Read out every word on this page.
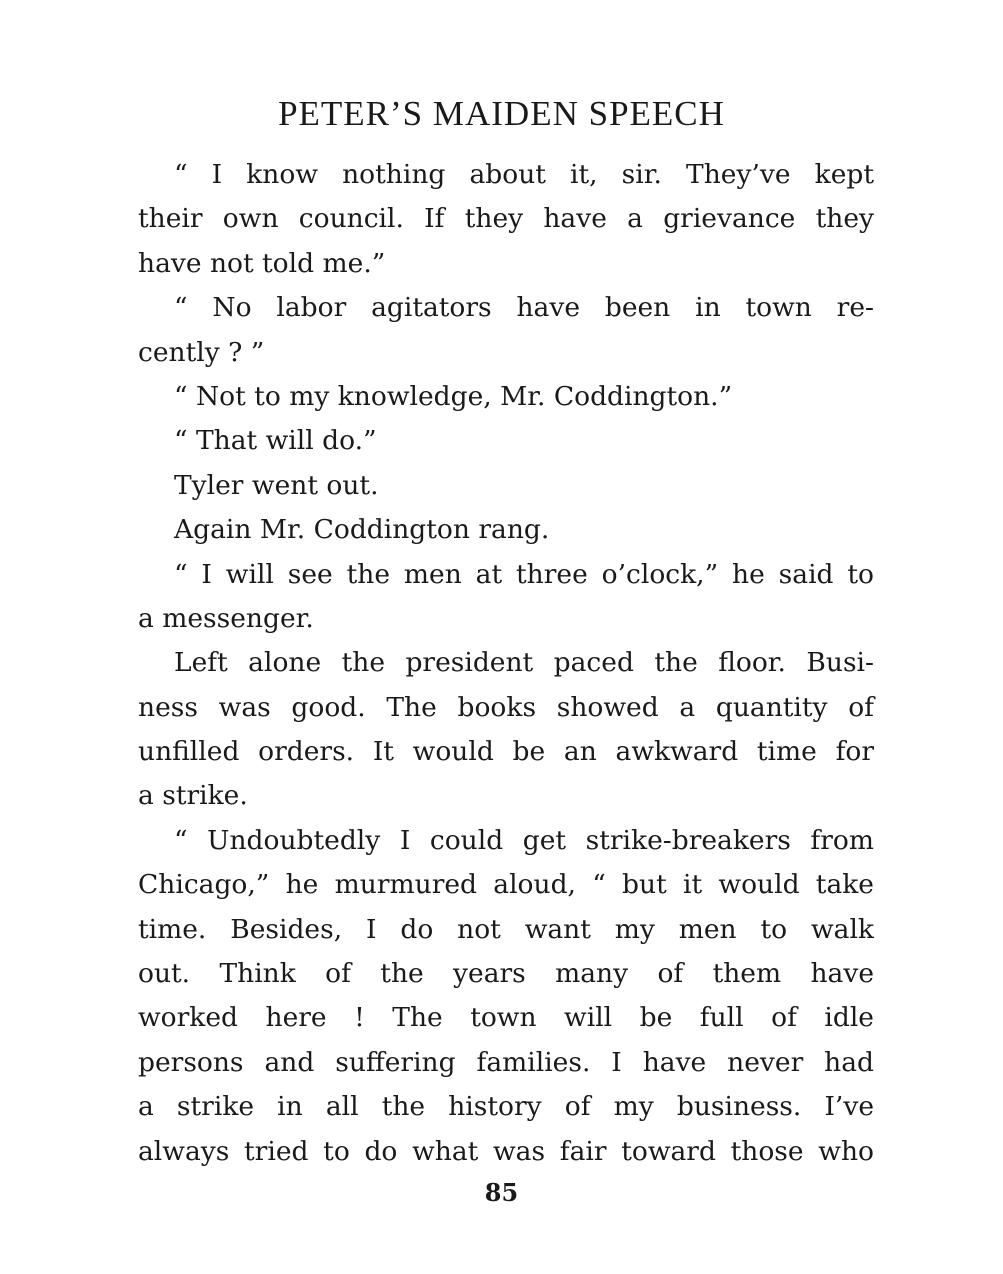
PETER’S MAIDEN SPEECH
“ I know nothing about it, sir. They’ve kept
their own council. If they have a grievance they
have not told me.”
“ No labor agitators have been in town re-
cently ? ”
“ Not to my knowledge, Mr. Coddington.”
“ That will do.”
Tyler went out.
Again Mr. Coddington rang.
“ I will see the men at three o’clock,” he said to
a messenger.
Left alone the president paced the floor. Busi-
ness was good. The books showed a quantity of
unfilled orders. It would be an awkward time for
a strike.
“ Undoubtedly I could get strike-breakers from
Chicago,” he murmured aloud, “ but it would take
time. Besides, I do not want my men to walk
out. Think of the years many of them have
worked here ! The town will be full of idle
persons and suffering families. I have never had
a strike in all the history of my business. I’ve
always tried to do what was fair toward those who
85
